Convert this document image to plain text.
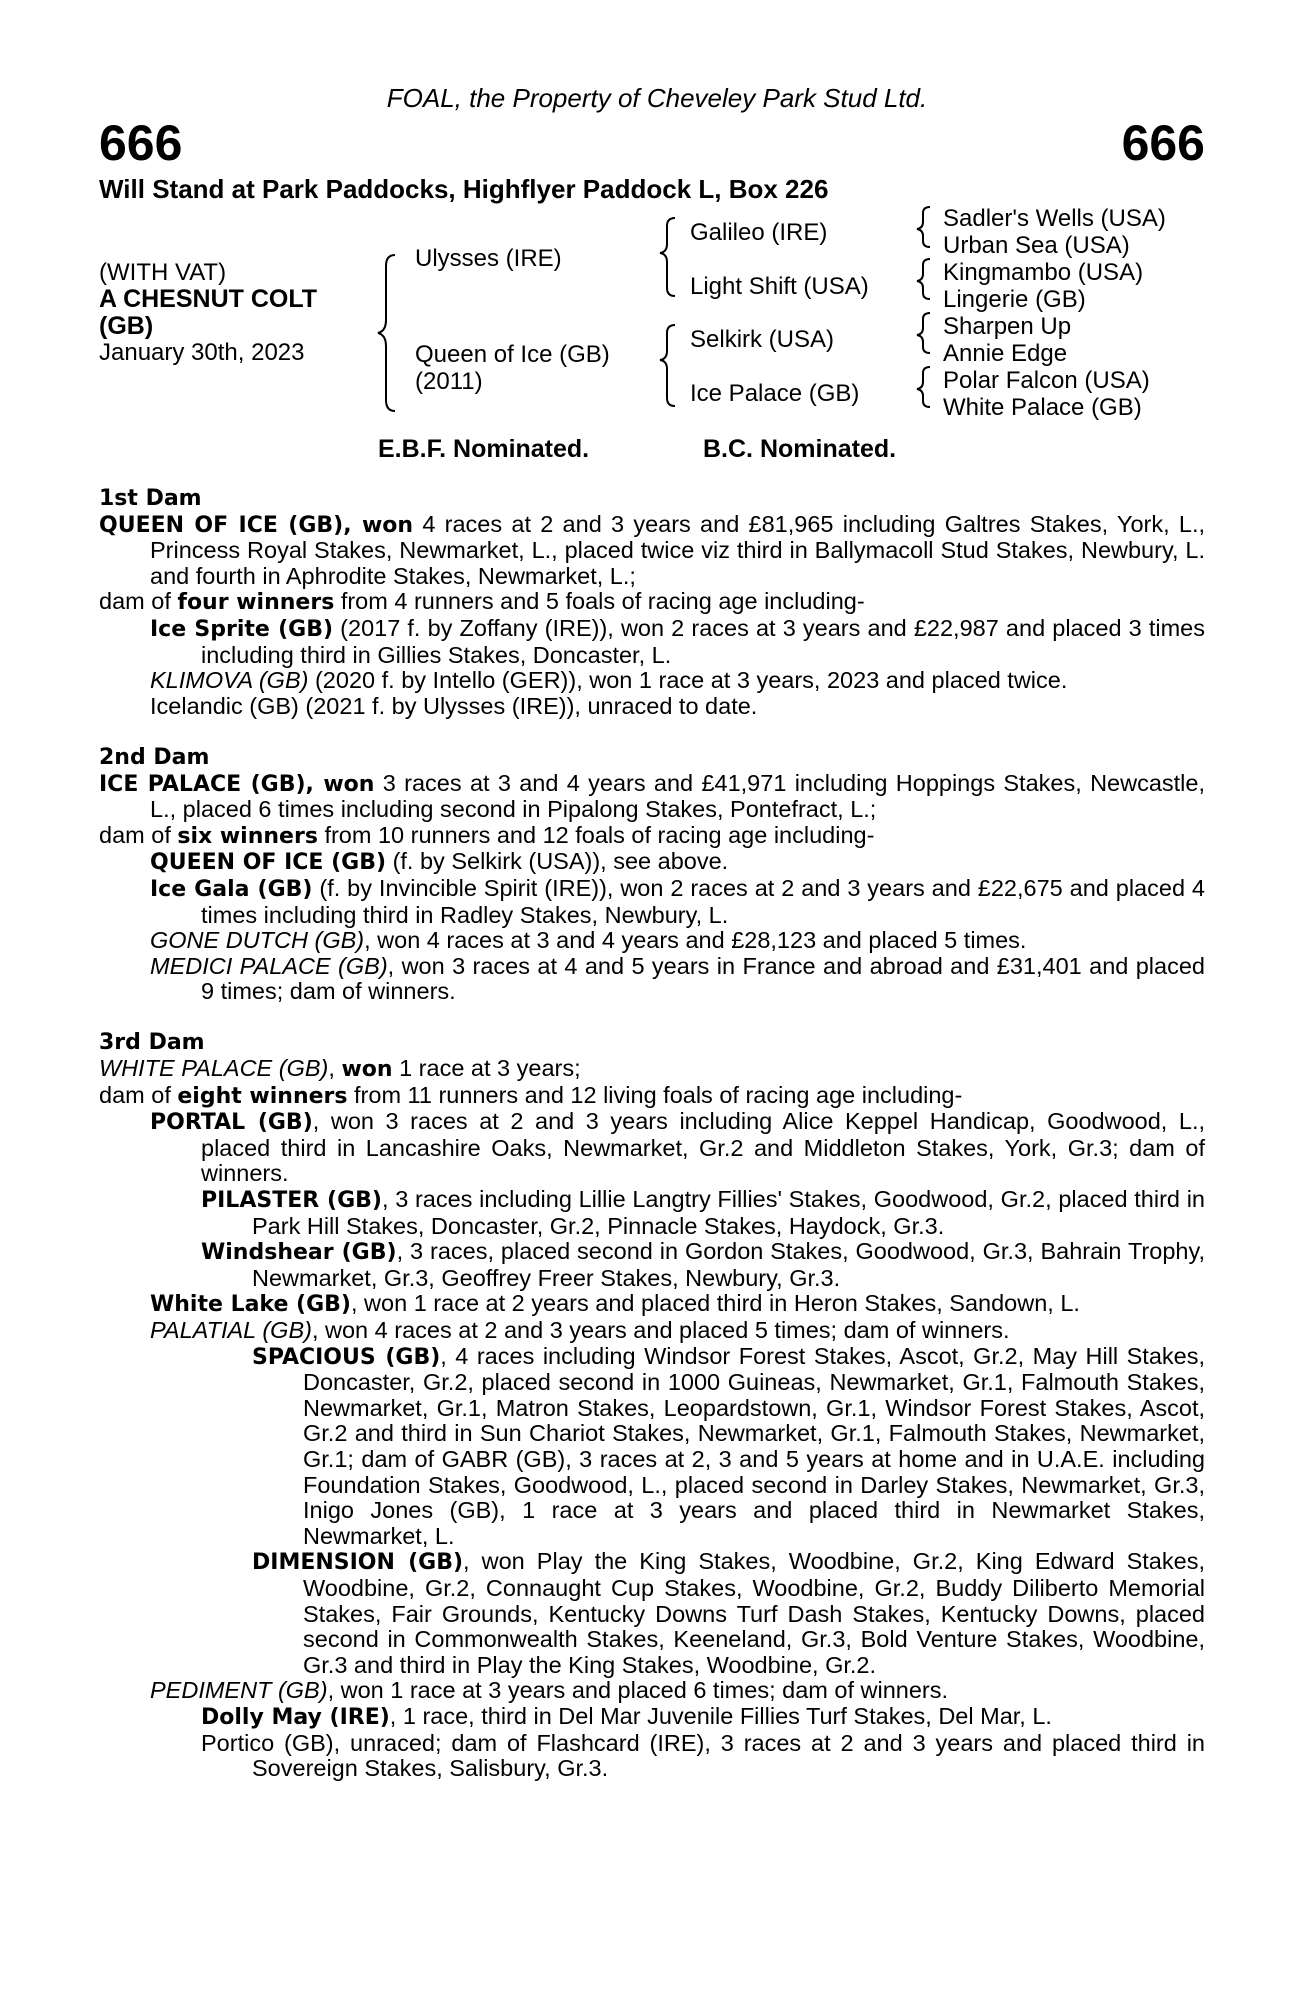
FOAL, the Property of Cheveley Park Stud Ltd.
666	666
Will Stand at Park Paddocks, Highflyer Paddock L, Box 226
(WITH VAT)
A CHESNUT COLT
(GB)
January 30th, 2023
Ulysses (IRE)
Queen of Ice (GB)
(2011)
Galileo (IRE)
Light Shift (USA)
Selkirk (USA)
Ice Palace (GB)
Sadler's Wells (USA)
Urban Sea (USA)
Kingmambo (USA)
Lingerie (GB)
Sharpen Up
Annie Edge
Polar Falcon (USA)
White Palace (GB)
E.B.F. Nominated.	B.C. Nominated.

1st Dam

QUEEN OF ICE (GB), won 4 races at 2 and 3 years and £81,965 including Galtres Stakes, York, L., Princess Royal Stakes, Newmarket, L., placed twice viz third in Ballymacoll Stud Stakes, Newbury, L. and fourth in Aphrodite Stakes, Newmarket, L.;

dam of four winners from 4 runners and 5 foals of racing age including-

Ice Sprite (GB) (2017 f. by Zoffany (IRE)), won 2 races at 3 years and £22,987 and placed 3 times including third in Gillies Stakes, Doncaster, L.

KLIMOVA (GB) (2020 f. by Intello (GER)), won 1 race at 3 years, 2023 and placed twice.

Icelandic (GB) (2021 f. by Ulysses (IRE)), unraced to date.

2nd Dam

ICE PALACE (GB), won 3 races at 3 and 4 years and £41,971 including Hoppings Stakes, Newcastle, L., placed 6 times including second in Pipalong Stakes, Pontefract, L.;

dam of six winners from 10 runners and 12 foals of racing age including-

QUEEN OF ICE (GB) (f. by Selkirk (USA)), see above.

Ice Gala (GB) (f. by Invincible Spirit (IRE)), won 2 races at 2 and 3 years and £22,675 and placed 4 times including third in Radley Stakes, Newbury, L.

GONE DUTCH (GB), won 4 races at 3 and 4 years and £28,123 and placed 5 times.

MEDICI PALACE (GB), won 3 races at 4 and 5 years in France and abroad and £31,401 and placed 9 times; dam of winners.

3rd Dam

WHITE PALACE (GB), won 1 race at 3 years;

dam of eight winners from 11 runners and 12 living foals of racing age including-

PORTAL (GB), won 3 races at 2 and 3 years including Alice Keppel Handicap, Goodwood, L., placed third in Lancashire Oaks, Newmarket, Gr.2 and Middleton Stakes, York, Gr.3; dam of winners.

PILASTER (GB), 3 races including Lillie Langtry Fillies' Stakes, Goodwood, Gr.2, placed third in Park Hill Stakes, Doncaster, Gr.2, Pinnacle Stakes, Haydock, Gr.3.

Windshear (GB), 3 races, placed second in Gordon Stakes, Goodwood, Gr.3, Bahrain Trophy, Newmarket, Gr.3, Geoffrey Freer Stakes, Newbury, Gr.3.

White Lake (GB), won 1 race at 2 years and placed third in Heron Stakes, Sandown, L.

PALATIAL (GB), won 4 races at 2 and 3 years and placed 5 times; dam of winners.

SPACIOUS (GB), 4 races including Windsor Forest Stakes, Ascot, Gr.2, May Hill Stakes, Doncaster, Gr.2, placed second in 1000 Guineas, Newmarket, Gr.1, Falmouth Stakes, Newmarket, Gr.1, Matron Stakes, Leopardstown, Gr.1, Windsor Forest Stakes, Ascot, Gr.2 and third in Sun Chariot Stakes, Newmarket, Gr.1, Falmouth Stakes, Newmarket, Gr.1; dam of GABR (GB), 3 races at 2, 3 and 5 years at home and in U.A.E. including Foundation Stakes, Goodwood, L., placed second in Darley Stakes, Newmarket, Gr.3, Inigo Jones (GB), 1 race at 3 years and placed third in Newmarket Stakes, Newmarket, L.

DIMENSION (GB), won Play the King Stakes, Woodbine, Gr.2, King Edward Stakes, Woodbine, Gr.2, Connaught Cup Stakes, Woodbine, Gr.2, Buddy Diliberto Memorial Stakes, Fair Grounds, Kentucky Downs Turf Dash Stakes, Kentucky Downs, placed second in Commonwealth Stakes, Keeneland, Gr.3, Bold Venture Stakes, Woodbine, Gr.3 and third in Play the King Stakes, Woodbine, Gr.2.

PEDIMENT (GB), won 1 race at 3 years and placed 6 times; dam of winners.

Dolly May (IRE), 1 race, third in Del Mar Juvenile Fillies Turf Stakes, Del Mar, L.

Portico (GB), unraced; dam of Flashcard (IRE), 3 races at 2 and 3 years and placed third in Sovereign Stakes, Salisbury, Gr.3.
